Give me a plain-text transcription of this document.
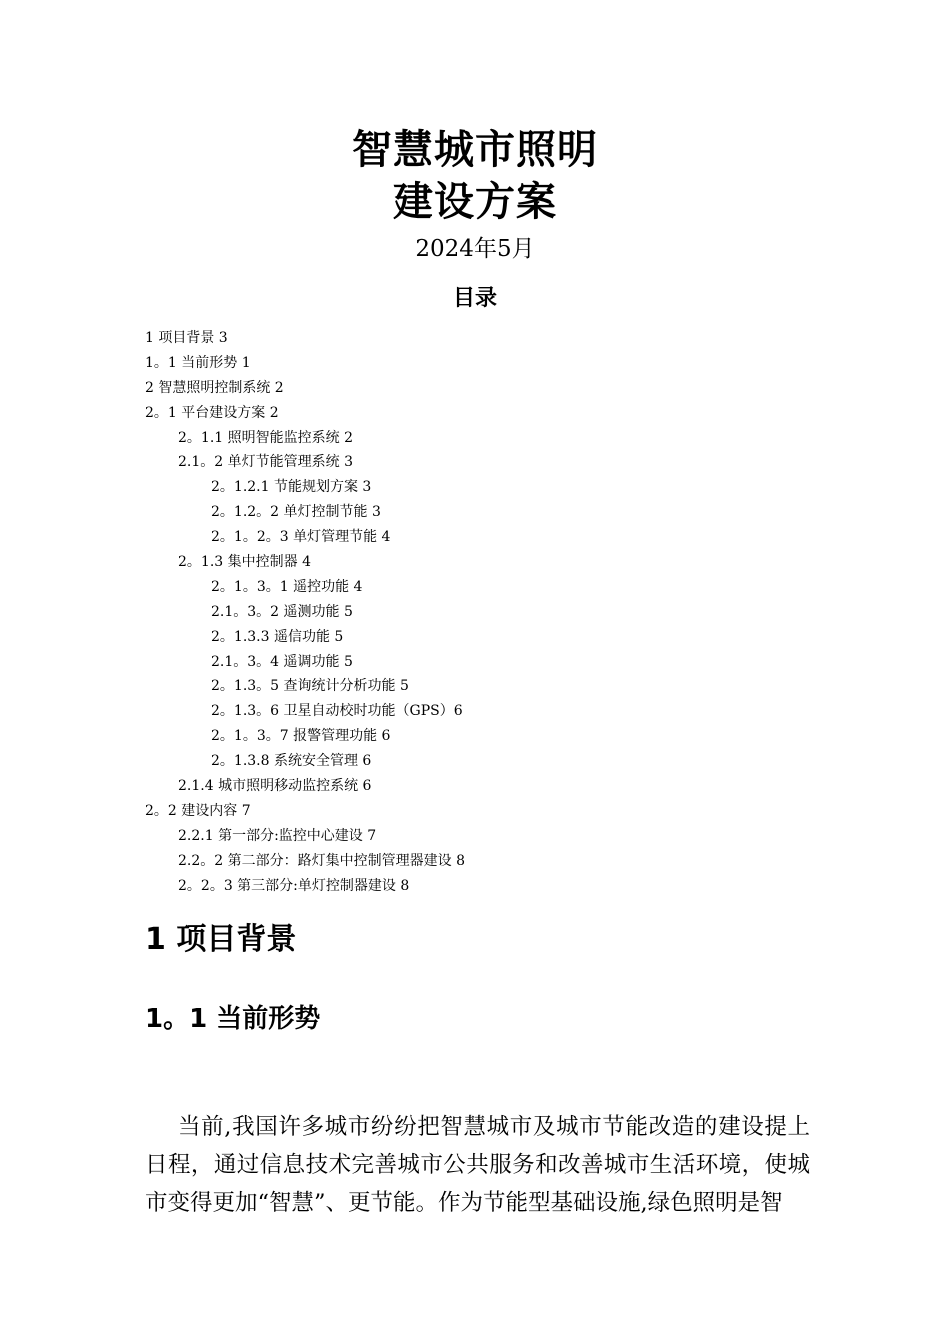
智慧城市照明
建设方案
2024年5月
目录
1 项目背景 3
1。1 当前形势 1
2 智慧照明控制系统 2
2。1 平台建设方案 2
2。1.1 照明智能监控系统 2
2.1。2 单灯节能管理系统 3
2。1.2.1 节能规划方案 3
2。1.2。2 单灯控制节能 3
2。1。2。3 单灯管理节能 4
2。1.3 集中控制器 4
2。1。3。1 遥控功能 4
2.1。3。2 遥测功能 5
2。1.3.3 遥信功能 5
2.1。3。4 遥调功能 5
2。1.3。5 查询统计分析功能 5
2。1.3。6 卫星自动校时功能（GPS）6
2。1。3。7 报警管理功能 6
2。1.3.8 系统安全管理 6
2.1.4 城市照明移动监控系统 6
2。2 建设内容 7
2.2.1 第一部分:监控中心建设 7
2.2。2 第二部分：路灯集中控制管理器建设 8
2。2。3 第三部分:单灯控制器建设 8
1 项目背景
1。1 当前形势

当前,我国许多城市纷纷把智慧城市及城市节能改造的建设提上日程，通过信息技术完善城市公共服务和改善城市生活环境，使城市变得更加“智慧”、更节能。作为节能型基础设施,绿色照明是智
